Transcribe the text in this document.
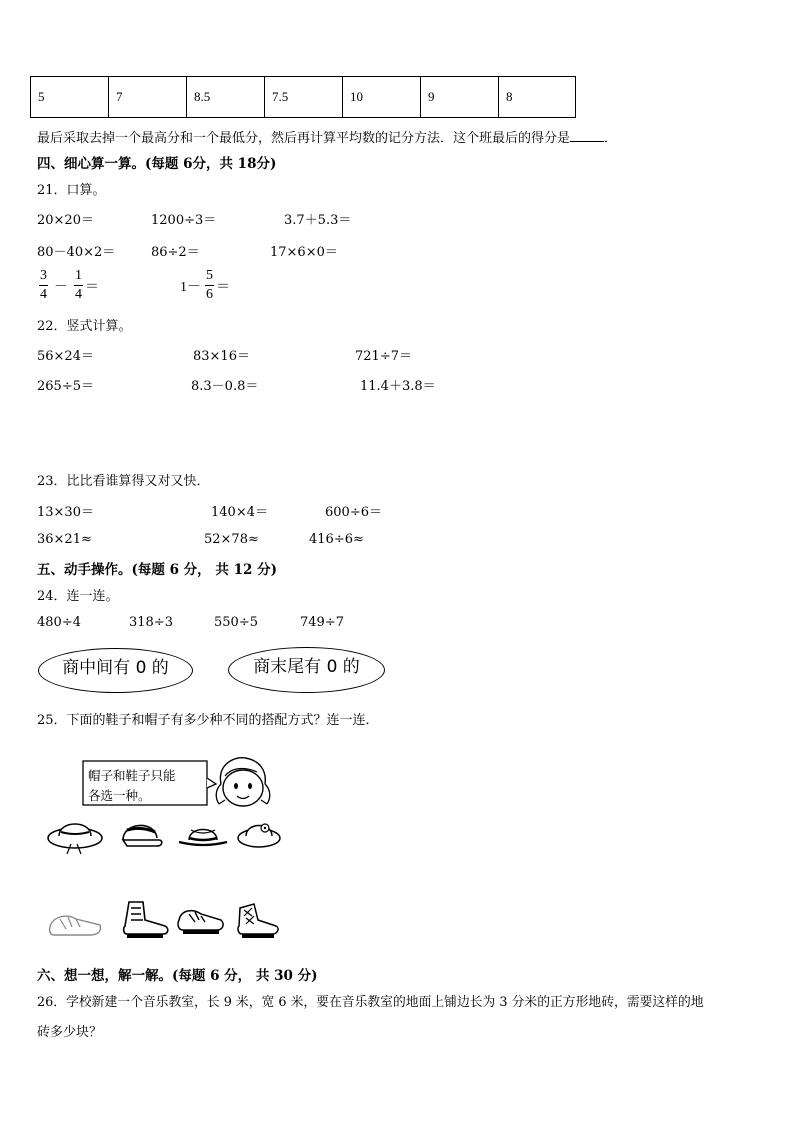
5	7	8.5	7.5	10	9	8
最后采取去掉一个最高分和一个最低分，然后再计算平均数的记分方法．这个班最后的得分是	．
四、细心算一算。(每题 6分，共 18分)
21．口算。
20×20＝	1200÷3＝	3.7＋5.3＝
80－40×2＝	86÷2＝	17×6×0＝
$\frac{3}{4} - \frac{1}{4}$ ＝	$1- \frac{5}{6}$ ＝
22．竖式计算。
56×24＝	83×16＝	721÷7＝
265÷5＝	8.3－0.8＝	11.4＋3.8＝
23．比比看谁算得又对又快．
13×30＝	140×4＝	600÷6＝
36×21≈	52×78≈	416÷6≈
五、动手操作。(每题 6 分， 共 12 分)
24．连一连。
480÷4	318÷3	550÷5	749÷7
商中间有 0 的	商末尾有 0 的
25．下面的鞋子和帽子有多少种不同的搭配方式？连一连．
帽子和鞋子只能
各选一种。
六、想一想，解一解。(每题 6 分， 共 30 分)
26．学校新建一个音乐教室，长 9 米，宽 6 米，要在音乐教室的地面上铺边长为 3 分米的正方形地砖，需要这样的地
砖多少块？
